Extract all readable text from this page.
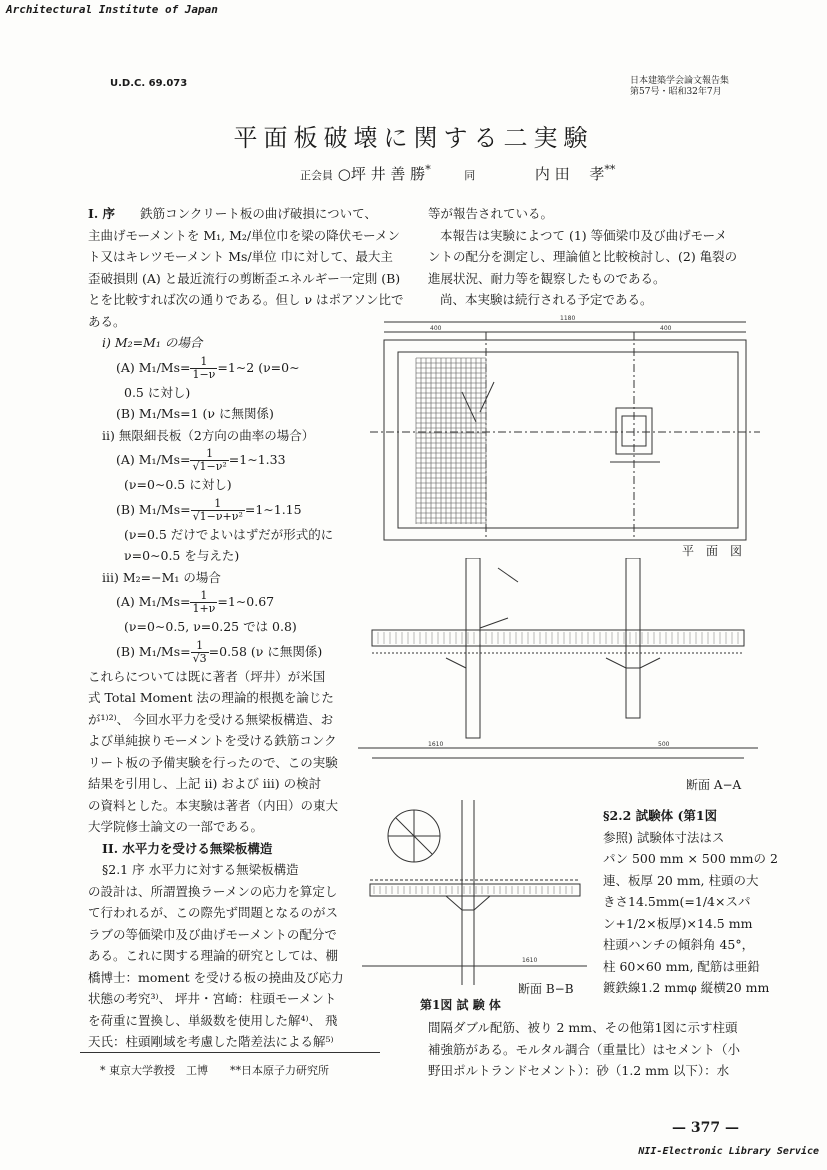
Architectural Institute of Japan
U.D.C. 69.073	日本建築学会論文報告集
第57号・昭和32年7月
平面板破壊に関する二実験
正会員 ○坪 井 善 勝*	同	内 田　 孝**
I. 序　　 鉄筋コンクリート板の曲げ破損について、
主曲げモーメントを M₁, M₂/単位巾を梁の降伏モーメン
ト又はキレツモーメント Ms/単位 巾に対して、最大主
歪破損則 (A) と最近流行の剪断歪エネルギー一定則 (B)
とを比較すれば次の通りである。但し ν はポアソン比で
ある。
i) M₂=M₁ の場合
(A) $M_1/Ms= \frac{1}{1-\nu}$ =1∼2 (ν=0∼
0.5 に対し)
(B) M₁/Ms=1 (ν に無関係)
ii) 無限細長板（2方向の曲率の場合）
(A) $M_1/Ms= \frac{1}{\text{√1−ν²}}$ =1∼1.33
(ν=0∼0.5 に対し)
(B) $M_1/Ms= \frac{1}{\text{√1−ν+ν²}}$ =1∼1.15
(ν=0.5 だけでよいはずだが形式的に
ν=0∼0.5 を与えた)
iii) M₂=−M₁ の場合
(A) $M_1/Ms= \frac{1}{1+\nu}$ =1∼0.67
(ν=0∼0.5, ν=0.25 では 0.8)
(B) $M_1/Ms= \frac{1}{√3} =0.58$ (ν に無関係)
これらについては既に著者（坪井）が米国
式 Total Moment 法の理論的根拠を論じた
が¹⁾²⁾、 今回水平力を受ける無梁板構造、お
よび単純捩りモーメントを受ける鉄筋コンク
リート板の予備実験を行ったので、この実験
結果を引用し、上記 ii) および iii) の検討
の資料とした。本実験は著者（内田）の東大
大学院修士論文の一部である。
II. 水平力を受ける無梁板構造
§2.1 序 水平力に対する無梁板構造
の設計は、所謂置換ラーメンの応力を算定し
て行われるが、この際先ず問題となるのがス
ラブの等価梁巾及び曲げモーメントの配分で
ある。これに関する理論的研究としては、棚
橋博士：moment を受ける板の撓曲及び応力
状態の考究³⁾、 坪井・宮崎：柱頭モーメント
を荷重に置換し、単級数を使用した解⁴⁾、 飛
天氏：柱頭剛域を考慮した階差法による解⁵⁾
等が報告されている。
本報告は実験によつて (1) 等価梁巾及び曲げモーメ
ントの配分を測定し、理論値と比較検討し、(2) 亀裂の
進展状況、耐力等を観察したものである。
尚、本実験は続行される予定である。
1180
400	400
平　面　図
1610	500
断面 A−A
1610
断面 B−B
第1図 試 験 体
§2.2 試験体 (第1図
参照) 試験体寸法はス
パン 500 mm × 500 mmの 2
連、板厚 20 mm, 柱頭の大
きさ14.5mm(=1/4×スパ
ン+1/2×板厚)×14.5 mm
柱頭ハンチの傾斜角 45°，
柱 60×60 mm, 配筋は亜鉛
鍍鉄線1.2 mmφ 縦横20 mm
間隔ダブル配筋、被り 2 mm、その他第1図に示す柱頭
補強筋がある。モルタル調合（重量比）はセメント（小
野田ポルトランドセメント）：砂（1.2 mm 以下）：水
* 東京大学教授　工博　　**日本原子力研究所
— 377 —
NII-Electronic Library Service
